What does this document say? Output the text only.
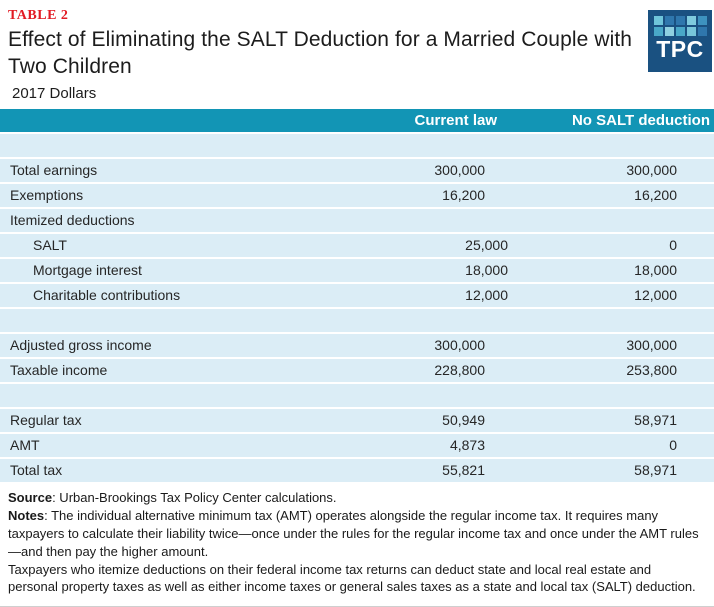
TABLE 2
Effect of Eliminating the SALT Deduction for a Married Couple with Two Children
2017 Dollars
TPC
Current law	No SALT deduction
Total earnings	300,000	300,000
Exemptions	16,200	16,200
Itemized deductions
SALT	25,000	0
Mortgage interest	18,000	18,000
Charitable contributions	12,000	12,000
Adjusted gross income	300,000	300,000
Taxable income	228,800	253,800
Regular tax	50,949	58,971
AMT	4,873	0
Total tax	55,821	58,971

Source: Urban-Brookings Tax Policy Center calculations.

Notes: The individual alternative minimum tax (AMT) operates alongside the regular income tax. It requires many taxpayers to calculate their liability twice—once under the rules for the regular income tax and once under the AMT rules—and then pay the higher amount.

Taxpayers who itemize deductions on their federal income tax returns can deduct state and local real estate and personal property taxes as well as either income taxes or general sales taxes as a state and local tax (SALT) deduction.
